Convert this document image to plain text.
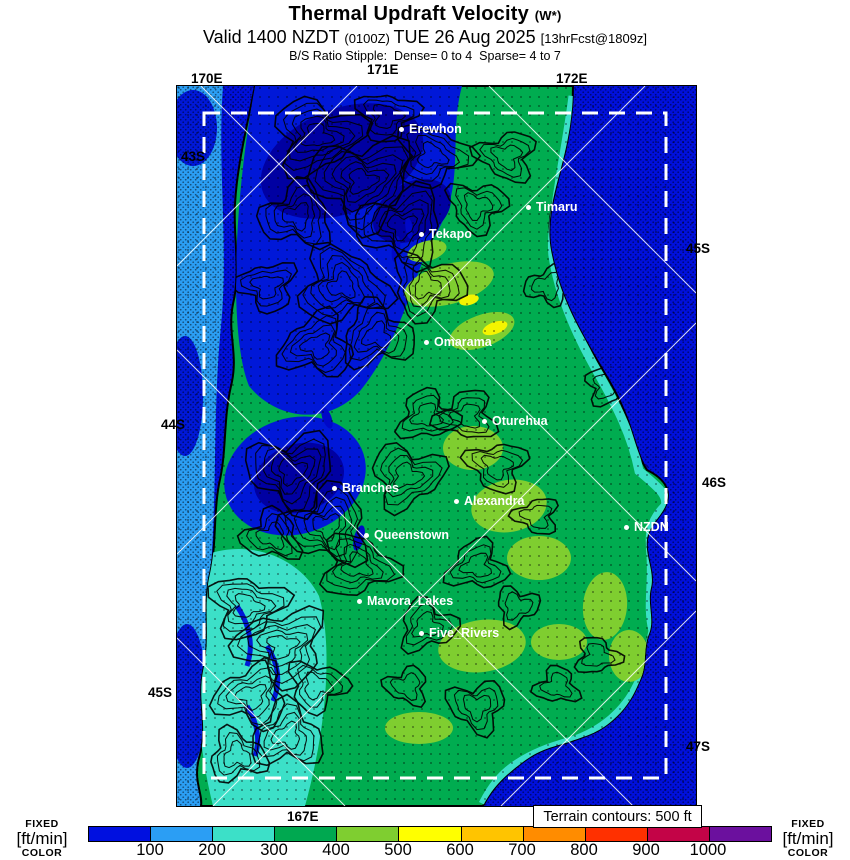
Thermal Updraft Velocity (W*)
Valid 1400 NZDT (0100Z) TUE 26 Aug 2025 [13hrFcst@1809z]
B/S Ratio Stipple:  Dense= 0 to 4  Sparse= 4 to 7
170E
171E
172E
43S
44S
45S
45S
46S
47S
167E
Erewhon
Timaru
Tekapo
Omarama
Oturehua
Branches
Alexandra
Queenstown
NZDN
Mavora_Lakes
Five_Rivers
Terrain contours: 500 ft
FIXED
[ft/min]
COLOR	100 200 300 400 500 600 700 800 900 1000
FIXED
[ft/min]
COLOR
